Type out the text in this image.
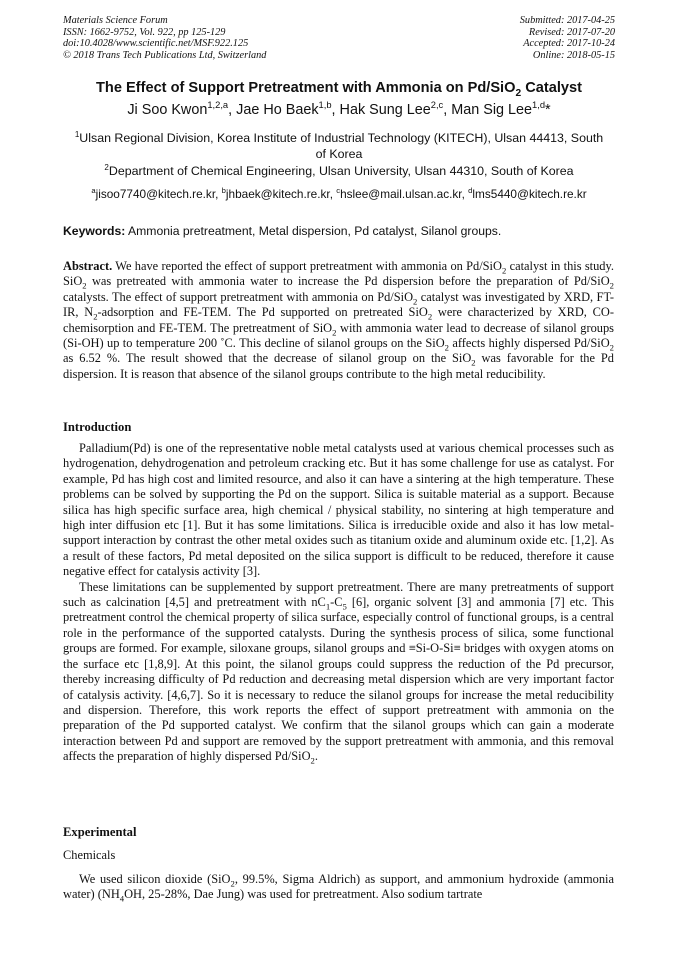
Materials Science Forum
ISSN: 1662-9752, Vol. 922, pp 125-129
doi:10.4028/www.scientific.net/MSF.922.125
© 2018 Trans Tech Publications Ltd, Switzerland
Submitted: 2017-04-25
Revised: 2017-07-20
Accepted: 2017-10-24
Online: 2018-05-15
The Effect of Support Pretreatment with Ammonia on Pd/SiO$_2$ Catalyst
Ji Soo Kwon$^{1,2,a}$, Jae Ho Baek$^{1,b}$, Hak Sung Lee$^{2,c}$, Man Sig Lee$^{1,d}$*
$^1$Ulsan Regional Division, Korea Institute of Industrial Technology (KITECH), Ulsan 44413, South of Korea
$^2$Department of Chemical Engineering, Ulsan University, Ulsan 44310, South of Korea
$^a$jisoo7740@kitech.re.kr, $^b$jhbaek@kitech.re.kr, $^c$hslee@mail.ulsan.ac.kr, $^d$lms5440@kitech.re.kr
Keywords: Ammonia pretreatment, Metal dispersion, Pd catalyst, Silanol groups.
Abstract. We have reported the effect of support pretreatment with ammonia on Pd/SiO$_2$ catalyst in this study. SiO$_2$ was pretreated with ammonia water to increase the Pd dispersion before the preparation of Pd/SiO$_2$ catalysts. The effect of support pretreatment with ammonia on Pd/SiO$_2$ catalyst was investigated by XRD, FT-IR, $N_2$-adsorption and FE-TEM. The Pd supported on pretreated SiO$_2$ were characterized by XRD, CO-chemisorption and FE-TEM. The pretreatment of SiO$_2$ with ammonia water lead to decrease of silanol groups (Si-OH) up to temperature 200 ˚C. This decline of silanol groups on the SiO$_2$ affects highly dispersed Pd/SiO$_2$ as 6.52 %. The result showed that the decrease of silanol group on the SiO$_2$ was favorable for the Pd dispersion. It is reason that absence of the silanol groups contribute to the high metal reducibility.
Introduction

Palladium(Pd) is one of the representative noble metal catalysts used at various chemical processes such as hydrogenation, dehydrogenation and petroleum cracking etc. But it has some challenge for use as catalyst. For example, Pd has high cost and limited resource, and also it can have a sintering at the high temperature. These problems can be solved by supporting the Pd on the support. Silica is suitable material as a support. Because silica has high specific surface area, high chemical / physical stability, no sintering at high temperature and high inter diffusion etc [1]. But it has some limitations. Silica is irreducible oxide and also it has low metal-support interaction by contrast the other metal oxides such as titanium oxide and aluminum oxide etc. [1,2]. As a result of these factors, Pd metal deposited on the silica support is difficult to be reduced, therefore it cause negative effect for catalysis activity [3].

These limitations can be supplemented by support pretreatment. There are many pretreatments of support such as calcination [4,5] and pretreatment with $nC_1-C_5$ [6], organic solvent [3] and ammonia [7] etc. This pretreatment control the chemical property of silica surface, especially control of functional groups, is a central role in the performance of the supported catalysts. During the synthesis process of silica, some functional groups are formed. For example, siloxane groups, silanol groups and ≡Si-O-Si≡ bridges with oxygen atoms on the surface etc [1,8,9]. At this point, the silanol groups could suppress the reduction of the Pd precursor, thereby increasing difficulty of Pd reduction and decreasing metal dispersion which are very important factor of catalysis activity. [4,6,7]. So it is necessary to reduce the silanol groups for increase the metal reducibility and dispersion. Therefore, this work reports the effect of support pretreatment with ammonia on the preparation of the Pd supported catalyst. We confirm that the silanol groups which can gain a moderate interaction between Pd and support are removed by the support pretreatment with ammonia, and this removal affects the preparation of highly dispersed Pd/SiO$_2$.

Experimental
Chemicals

We used silicon dioxide (SiO$_2$, 99.5%, Sigma Aldrich) as support, and ammonium hydroxide (ammonia water) ($NH_4OH$, 25-28%, Dae Jung) was used for pretreatment. Also sodium tartrate
